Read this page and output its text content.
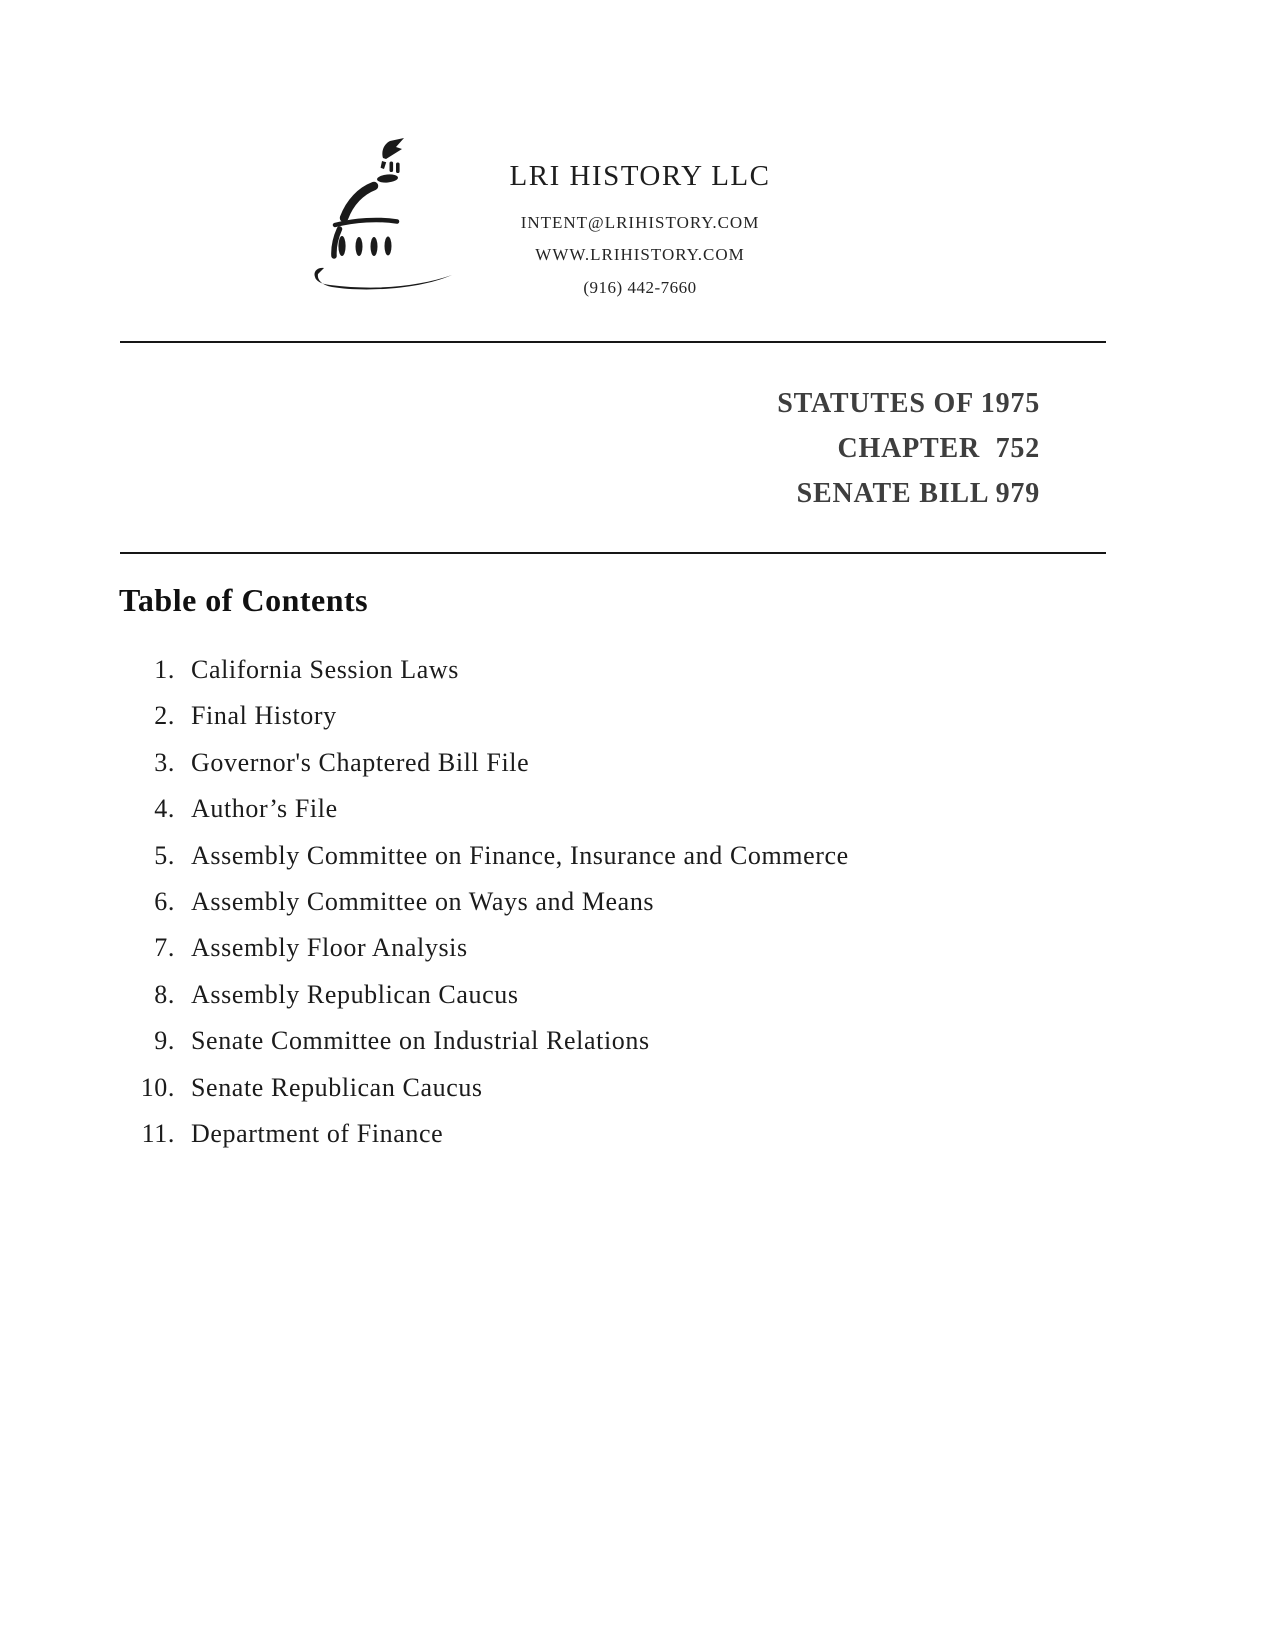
LRI HISTORY LLC
INTENT@LRIHISTORY.COM
WWW.LRIHISTORY.COM
(916) 442-7660
STATUTES OF 1975
CHAPTER  752
SENATE BILL 979
Table of Contents
1. California Session Laws
2. Final History
3. Governor's Chaptered Bill File
4. Author’s File
5. Assembly Committee on Finance, Insurance and Commerce
6. Assembly Committee on Ways and Means
7. Assembly Floor Analysis
8. Assembly Republican Caucus
9. Senate Committee on Industrial Relations
10. Senate Republican Caucus
11. Department of Finance
